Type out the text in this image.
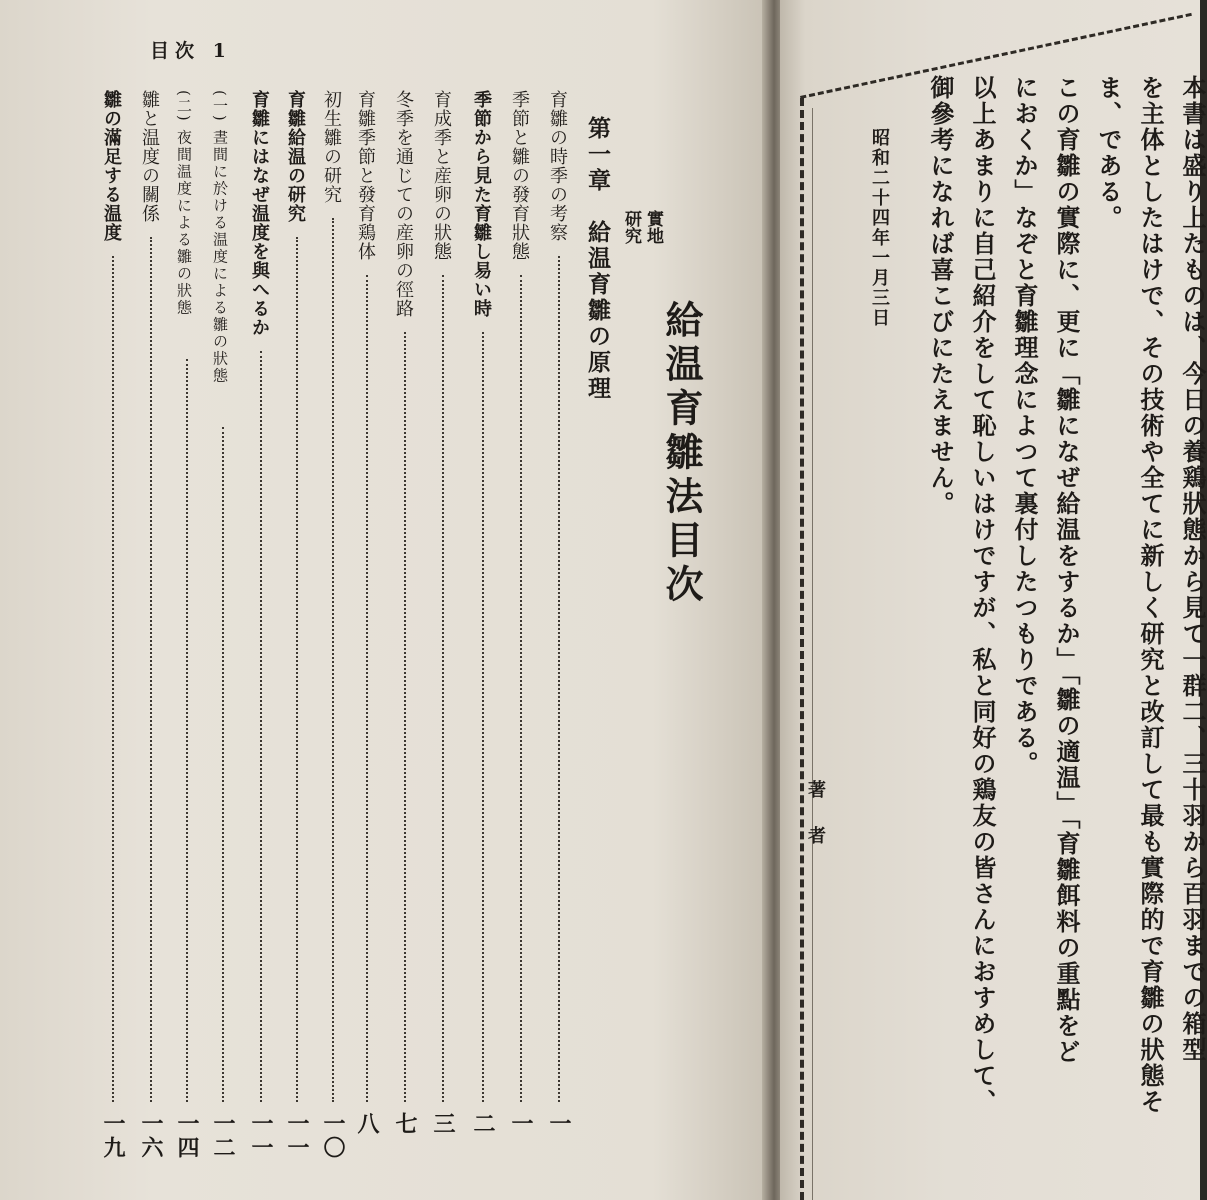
目次 1
實地
研究
給温育雛法目次
第一章　給温育雛の原理
育雛の時季の考察
一
季節と雛の發育狀態
一
季節から見た育雛し易い時
二
育成季と産卵の狀態
三
冬季を通じての産卵の徑路
七
育雛季節と發育鶏体
八
初生雛の研究
一〇
育雛給温の研究
一一
育雛にはなぜ温度を與へるか
一一
(一) 晝間に於ける温度による雛の狀態
一二
(二) 夜間温度による雛の狀態
一四
雛と温度の關係
一六
雛の滿足する温度
一九
本書は盛り上たものは、今日の養鶏狀態から見て一群二、三十羽から百羽までの箱型
を主体としたはけで、その技術や全てに新しく研究と改訂して最も實際的で育雛の狀態そ
ま、である。
この育雛の實際に、更に「雛になぜ給温をするか」「雛の適温」「育雛餌料の重點をど
におくか」なぞと育雛理念によつて裏付したつもりである。
以上あまりに自己紹介をして恥しいはけですが、私と同好の鶏友の皆さんにおすめして、
御參考になれば喜こびにたえません。
昭和二十四年一月三日
著者
